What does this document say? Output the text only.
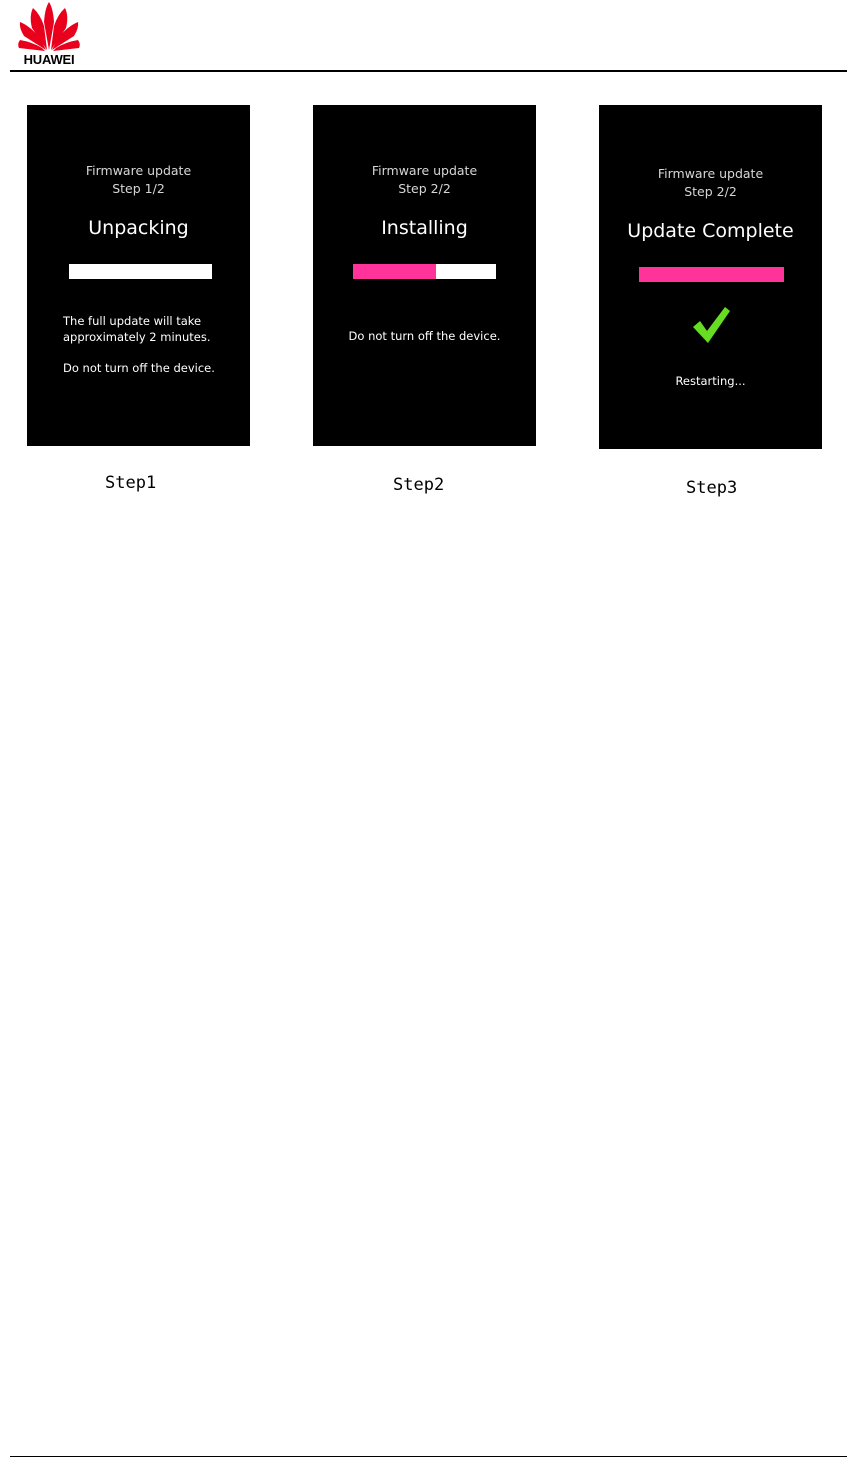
HUAWEI
Firmware update
Step 1/2
Unpacking
The full update will take
approximately 2 minutes.
Do not turn off the device.
Step1
Firmware update
Step 2/2
Installing
Do not turn off the device.
Step2
Firmware update
Step 2/2
Update Complete
Restarting...
Step3
